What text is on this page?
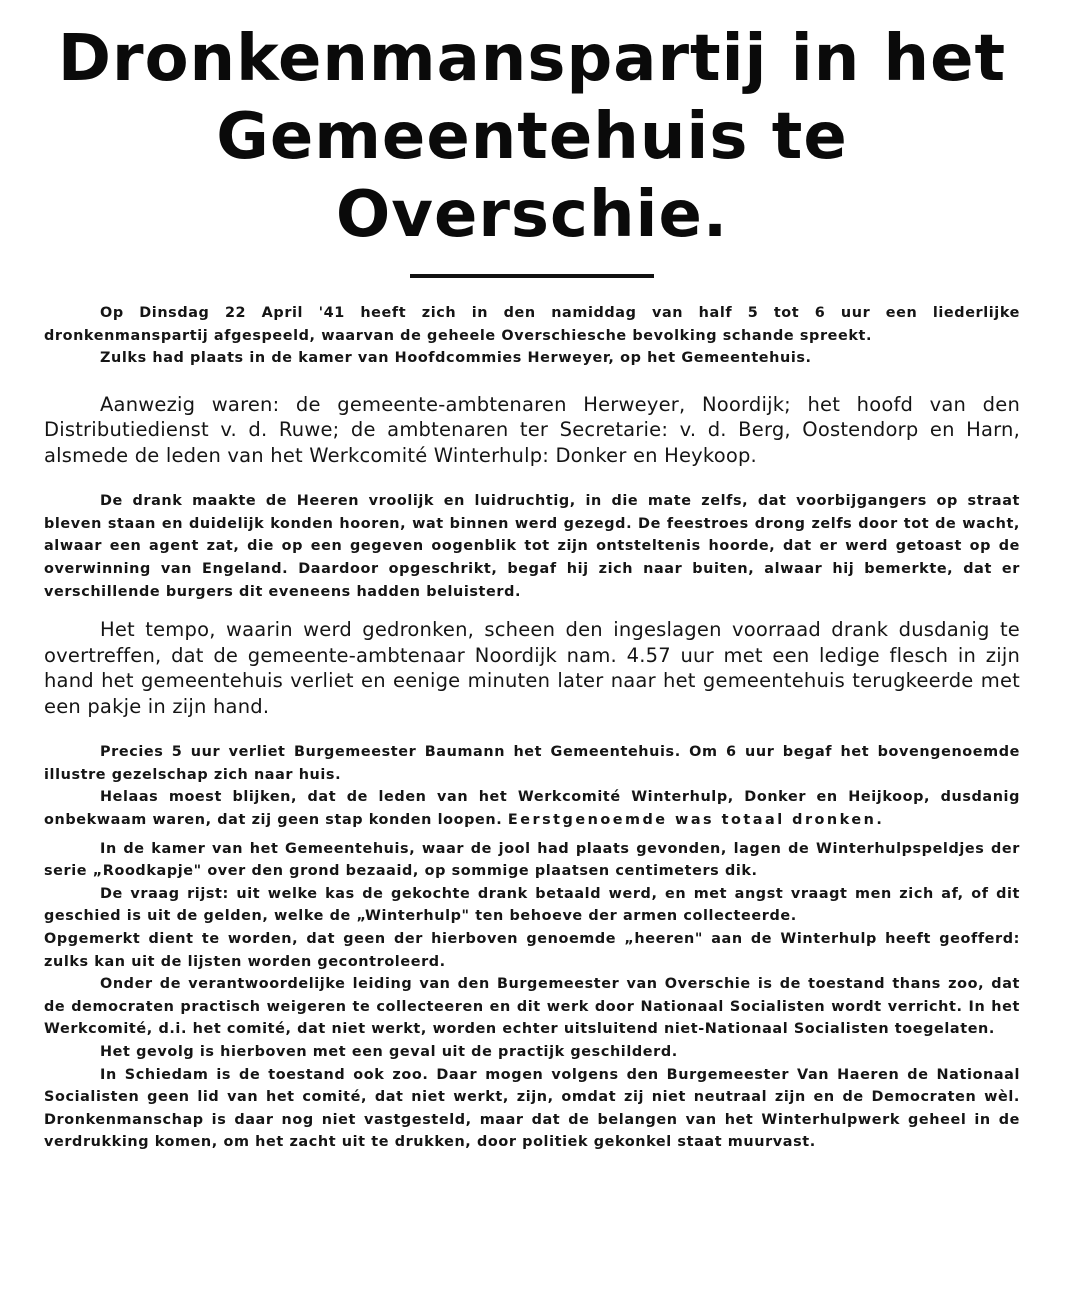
Dronkenmanspartij in het
Gemeentehuis te Overschie.

Op Dinsdag 22 April '41 heeft zich in den namiddag van half 5 tot 6 uur een liederlijke dronkenmanspartij afgespeeld, waarvan de geheele Overschiesche bevolking schande spreekt.

Zulks had plaats in de kamer van Hoofdcommies Herweyer, op het Gemeentehuis.

Aanwezig waren: de gemeente-ambtenaren Herweyer, Noordijk; het hoofd van den Distributiedienst v. d. Ruwe; de ambtenaren ter Secretarie: v. d. Berg, Oostendorp en Harn, alsmede de leden van het Werkcomité Winterhulp: Donker en Heykoop.

De drank maakte de Heeren vroolijk en luidruchtig, in die mate zelfs, dat voorbijgangers op straat bleven staan en duidelijk konden hooren, wat binnen werd gezegd. De feestroes drong zelfs door tot de wacht, alwaar een agent zat, die op een gegeven oogenblik tot zijn ontsteltenis hoorde, dat er werd getoast op de overwinning van Engeland. Daardoor opgeschrikt, begaf hij zich naar buiten, alwaar hij bemerkte, dat er verschillende burgers dit eveneens hadden beluisterd.

Het tempo, waarin werd gedronken, scheen den ingeslagen voorraad drank dusdanig te overtreffen, dat de gemeente-ambtenaar Noordijk nam. 4.57 uur met een ledige flesch in zijn hand het gemeentehuis verliet en eenige minuten later naar het gemeentehuis terugkeerde met een pakje in zijn hand.

Precies 5 uur verliet Burgemeester Baumann het Gemeentehuis. Om 6 uur begaf het bovengenoemde illustre gezelschap zich naar huis.

Helaas moest blijken, dat de leden van het Werkcomité Winterhulp, Donker en Heijkoop, dusdanig onbekwaam waren, dat zij geen stap konden loopen. Eerstgenoemde was totaal dronken.

In de kamer van het Gemeentehuis, waar de jool had plaats gevonden, lagen de Winterhulpspeldjes der serie „Roodkapje" over den grond bezaaid, op sommige plaatsen centimeters dik.

De vraag rijst: uit welke kas de gekochte drank betaald werd, en met angst vraagt men zich af, of dit geschied is uit de gelden, welke de „Winterhulp" ten behoeve der armen collecteerde.

Opgemerkt dient te worden, dat geen der hierboven genoemde „heeren" aan de Winterhulp heeft geofferd: zulks kan uit de lijsten worden gecontroleerd.

Onder de verantwoordelijke leiding van den Burgemeester van Overschie is de toestand thans zoo, dat de democraten practisch weigeren te collecteeren en dit werk door Nationaal Socialisten wordt verricht. In het Werkcomité, d.i. het comité, dat niet werkt, worden echter uitsluitend niet-Nationaal Socialisten toegelaten.

Het gevolg is hierboven met een geval uit de practijk geschilderd.

In Schiedam is de toestand ook zoo. Daar mogen volgens den Burgemeester Van Haeren de Nationaal Socialisten geen lid van het comité, dat niet werkt, zijn, omdat zij niet neutraal zijn en de Democraten wèl. Dronkenmanschap is daar nog niet vastgesteld, maar dat de belangen van het Winterhulpwerk geheel in de verdrukking komen, om het zacht uit te drukken, door politiek gekonkel staat muurvast.
